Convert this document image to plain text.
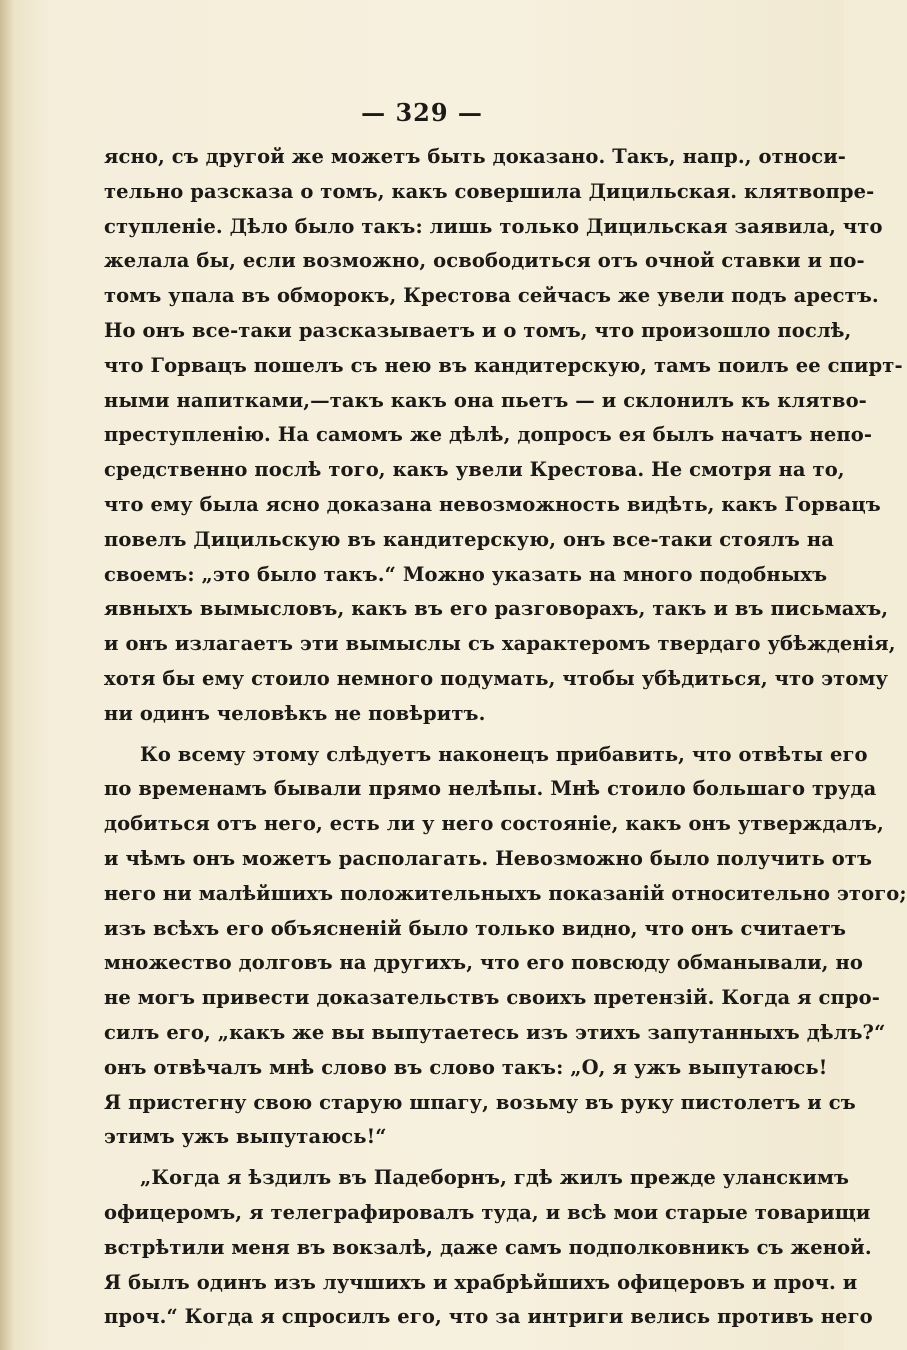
— 329 —
ясно, съ другой же можетъ быть доказано. Такъ, напр., относи-
тельно разсказа о томъ, какъ совершила Дицильская. клятвопре-
ступленіе. Дѣло было такъ: лишь только Дицильская заявила, что
желала бы, если возможно, освободиться отъ очной ставки и по-
томъ упала въ обморокъ, Крестова сейчасъ же увели подъ арестъ.
Но онъ все-таки разсказываетъ и о томъ, что произошло послѣ,
что Горвацъ пошелъ съ нею въ кандитерскую, тамъ поилъ ее спирт-
ными напитками,—такъ какъ она пьетъ — и склонилъ къ клятво-
преступленію. На самомъ же дѣлѣ, допросъ ея былъ начатъ непо-
средственно послѣ того, какъ увели Крестова. Не смотря на то,
что ему была ясно доказана невозможность видѣть, какъ Горвацъ
повелъ Дицильскую въ кандитерскую, онъ все-таки стоялъ на
своемъ: „это было такъ.“ Можно указать на много подобныхъ
явныхъ вымысловъ, какъ въ его разговорахъ, такъ и въ письмахъ,
и онъ излагаетъ эти вымыслы съ характеромъ твердаго убѣжденія,
хотя бы ему стоило немного подумать, чтобы убѣдиться, что этому
ни одинъ человѣкъ не повѣритъ.
Ко всему этому слѣдуетъ наконецъ прибавить, что отвѣты его
по временамъ бывали прямо нелѣпы. Мнѣ стоило большаго труда
добиться отъ него, есть ли у него состояніе, какъ онъ утверждалъ,
и чѣмъ онъ можетъ располагать. Невозможно было получить отъ
него ни малѣйшихъ положительныхъ показаній относительно этого;
изъ всѣхъ его объясненій было только видно, что онъ считаетъ
множество долговъ на другихъ, что его повсюду обманывали, но
не могъ привести доказательствъ своихъ претензій. Когда я спро-
силъ его, „какъ же вы выпутаетесь изъ этихъ запутанныхъ дѣлъ?“
онъ отвѣчалъ мнѣ слово въ слово такъ: „О, я ужъ выпутаюсь!
Я пристегну свою старую шпагу, возьму въ руку пистолетъ и съ
этимъ ужъ выпутаюсь!“
„Когда я ѣздилъ въ Падеборнъ, гдѣ жилъ прежде уланскимъ
офицеромъ, я телеграфировалъ туда, и всѣ мои старые товарищи
встрѣтили меня въ вокзалѣ, даже самъ подполковникъ съ женой.
Я былъ одинъ изъ лучшихъ и храбрѣйшихъ офицеровъ и проч. и
проч.“ Когда я спросилъ его, что за интриги велись противъ него
